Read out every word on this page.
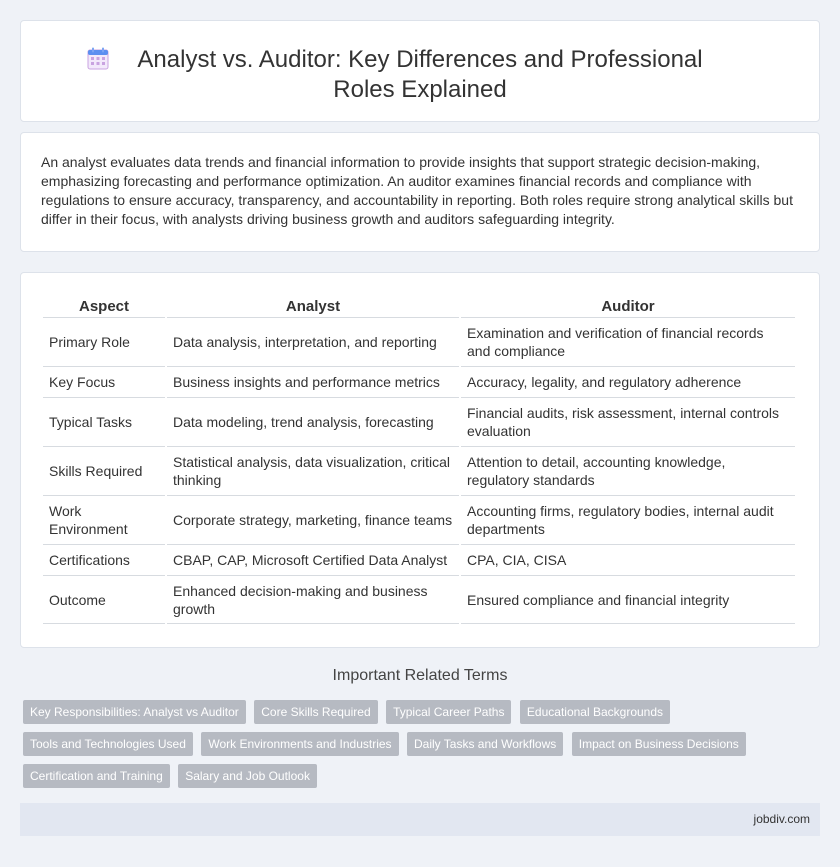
Analyst vs. Auditor: Key Differences and Professional Roles Explained

An analyst evaluates data trends and financial information to provide insights that support strategic decision-making, emphasizing forecasting and performance optimization. An auditor examines financial records and compliance with regulations to ensure accuracy, transparency, and accountability in reporting. Both roles require strong analytical skills but differ in their focus, with analysts driving business growth and auditors safeguarding integrity.

Aspect	Analyst	Auditor
Primary Role	Data analysis, interpretation, and reporting	Examination and verification of financial records and compliance
Key Focus	Business insights and performance metrics	Accuracy, legality, and regulatory adherence
Typical Tasks	Data modeling, trend analysis, forecasting	Financial audits, risk assessment, internal controls evaluation
Skills Required	Statistical analysis, data visualization, critical thinking	Attention to detail, accounting knowledge, regulatory standards
Work Environment	Corporate strategy, marketing, finance teams	Accounting firms, regulatory bodies, internal audit departments
Certifications	CBAP, CAP, Microsoft Certified Data Analyst	CPA, CIA, CISA
Outcome	Enhanced decision-making and business growth	Ensured compliance and financial integrity
Important Related Terms
Key Responsibilities: Analyst vs Auditor Core Skills Required Typical Career Paths Educational Backgrounds Tools and Technologies Used Work Environments and Industries Daily Tasks and Workflows Impact on Business Decisions Certification and Training Salary and Job Outlook
jobdiv.com
